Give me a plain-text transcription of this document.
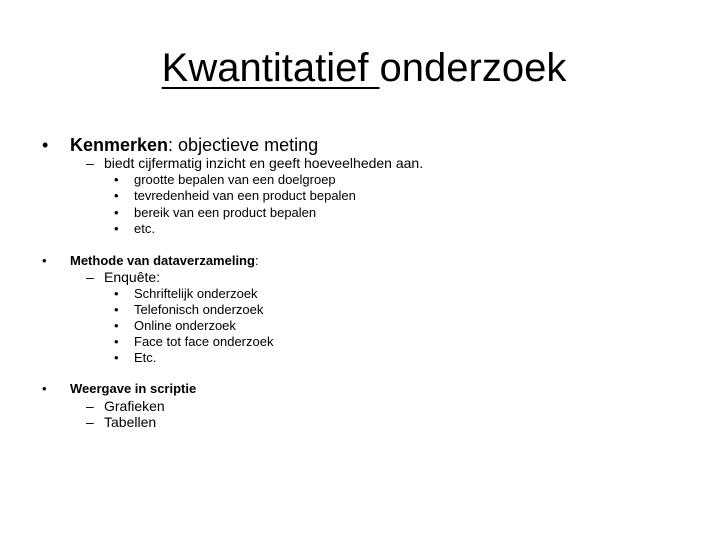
Kwantitatief onderzoek
• Kenmerken: objectieve meting
– biedt cijfermatig inzicht en geeft hoeveelheden aan.
• grootte bepalen van een doelgroep
• tevredenheid van een product bepalen
• bereik van een product bepalen
• etc.
• Methode van dataverzameling:
– Enquête:
• Schriftelijk onderzoek
• Telefonisch onderzoek
• Online onderzoek
• Face tot face onderzoek
• Etc.
• Weergave in scriptie
– Grafieken
– Tabellen
